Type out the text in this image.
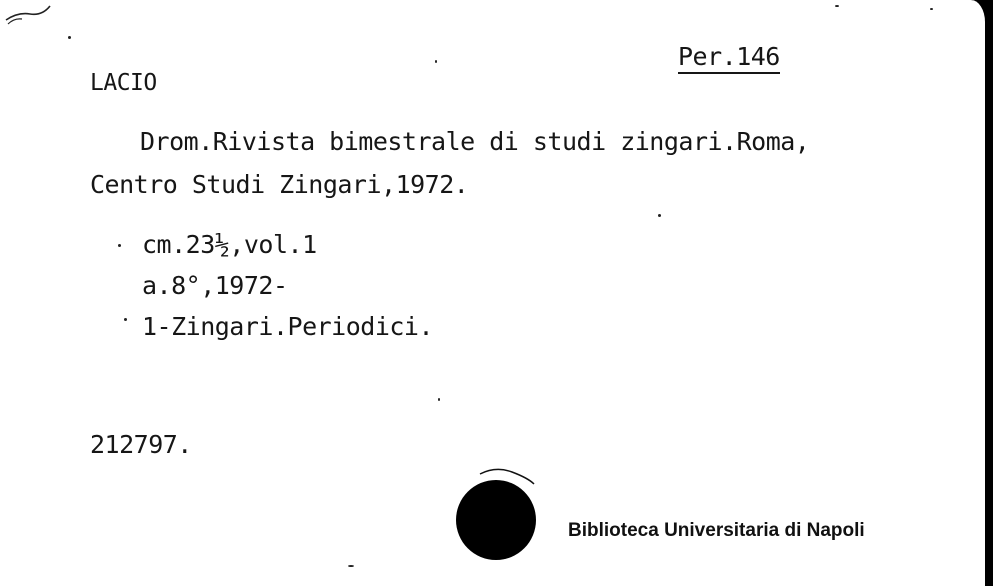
Per.146
LACIO
Drom.Rivista bimestrale di studi zingari.Roma,
Centro Studi Zingari,1972.
cm.23½,vol.1
a.8°,1972-
1-Zingari.Periodici.
212797.
Biblioteca Universitaria di Napoli
